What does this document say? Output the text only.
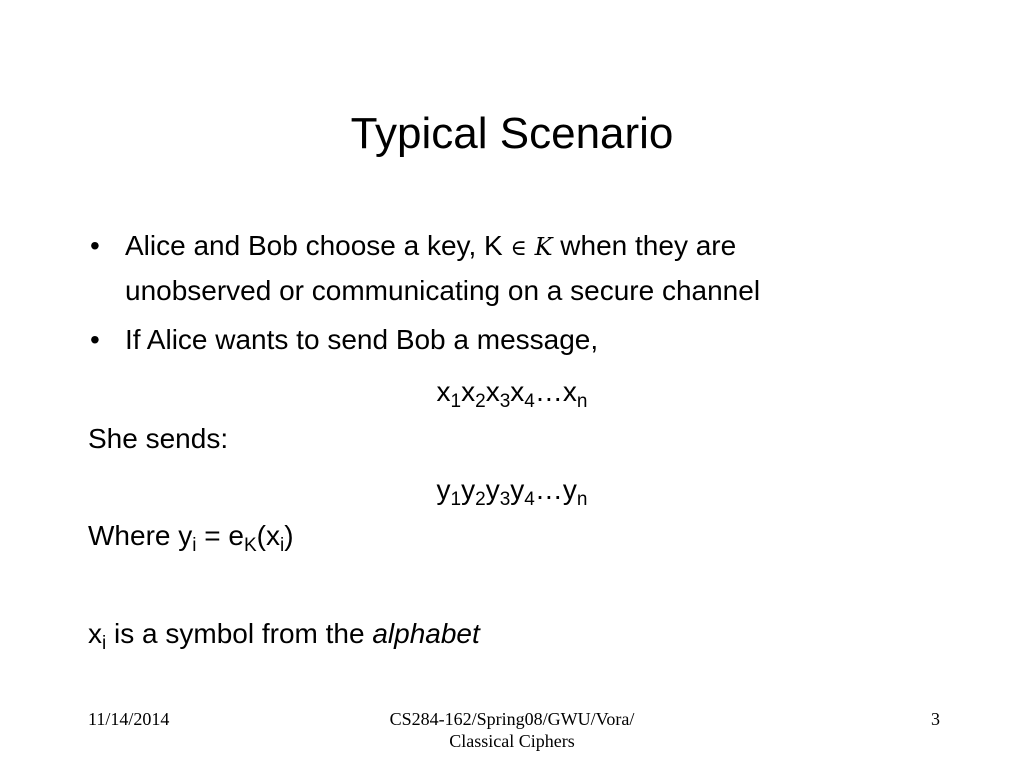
Typical Scenario
• Alice and Bob choose a key, K ∈ K when they are
unobserved or communicating on a secure channel
• If Alice wants to send Bob a message,
$x_1x_2x_3x_4\dots x_n$
She sends:
$y_1y_2y_3y_4\dots y_n$
Where $y_i = e_K(x_i)$
$x_i$ is a symbol from the alphabet
11/14/2014	CS284-162/Spring08/GWU/Vora/
Classical Ciphers
3
